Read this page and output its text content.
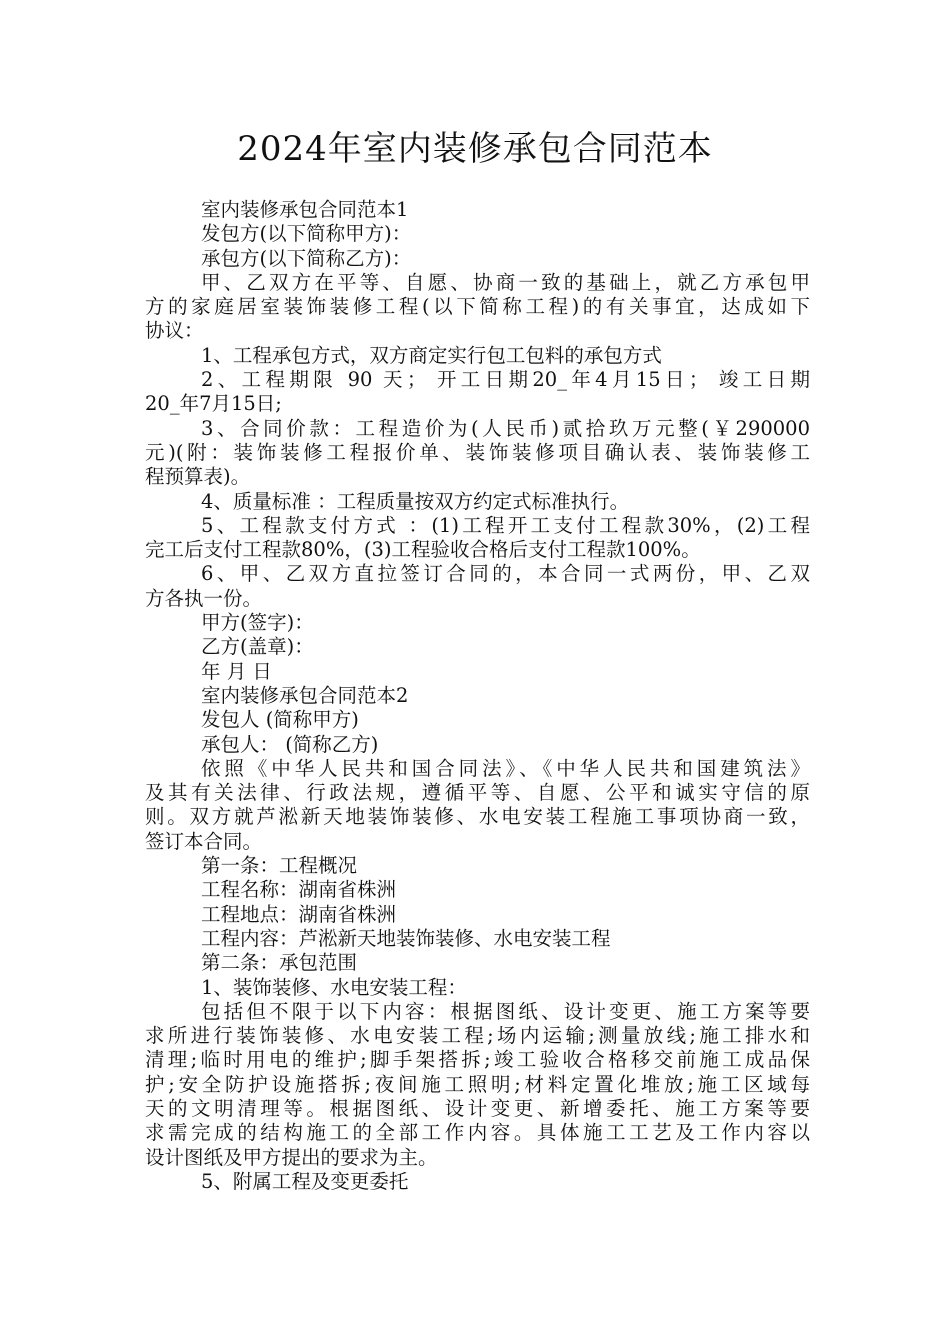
2024年室内装修承包合同范本
室内装修承包合同范本1
发包方(以下简称甲方)：
承包方(以下简称乙方)：
甲、乙双方在平等、自愿、协商一致的基础上，就乙方承包甲
方的家庭居室装饰装修工程(以下简称工程)的有关事宜，达成如下
协议：
1、工程承包方式，双方商定实行包工包料的承包方式
2、工程期限 90 天； 开工日期20_年4月15日； 竣工日期
20_年7月15日;
3、合同价款：工程造价为(人民币)贰拾玖万元整(￥290000
元)(附：装饰装修工程报价单、装饰装修项目确认表、装饰装修工
程预算表)。
4、质量标准 ：工程质量按双方约定式标准执行。
5、工程款支付方式 ：(1)工程开工支付工程款30%，(2)工程
完工后支付工程款80%，(3)工程验收合格后支付工程款100%。
6、甲、乙双方直拉签订合同的，本合同一式两份，甲、乙双
方各执一份。
甲方(签字)：
乙方(盖章)：
年 月 日
室内装修承包合同范本2
发包人 (简称甲方)
承包人： (简称乙方)
依照《中华人民共和国合同法》、《中华人民共和国建筑法》
及其有关法律、行政法规，遵循平等、自愿、公平和诚实守信的原
则。双方就芦淞新天地装饰装修、水电安装工程施工事项协商一致，
签订本合同。
第一条：工程概况
工程名称：湖南省株洲
工程地点：湖南省株洲
工程内容：芦淞新天地装饰装修、水电安装工程
第二条：承包范围
1、装饰装修、水电安装工程：
包括但不限于以下内容：根据图纸、设计变更、施工方案等要
求所进行装饰装修、水电安装工程;场内运输;测量放线;施工排水和
清理;临时用电的维护;脚手架搭拆;竣工验收合格移交前施工成品保
护;安全防护设施搭拆;夜间施工照明;材料定置化堆放;施工区域每
天的文明清理等。根据图纸、设计变更、新增委托、施工方案等要
求需完成的结构施工的全部工作内容。具体施工工艺及工作内容以
设计图纸及甲方提出的要求为主。
5、附属工程及变更委托
